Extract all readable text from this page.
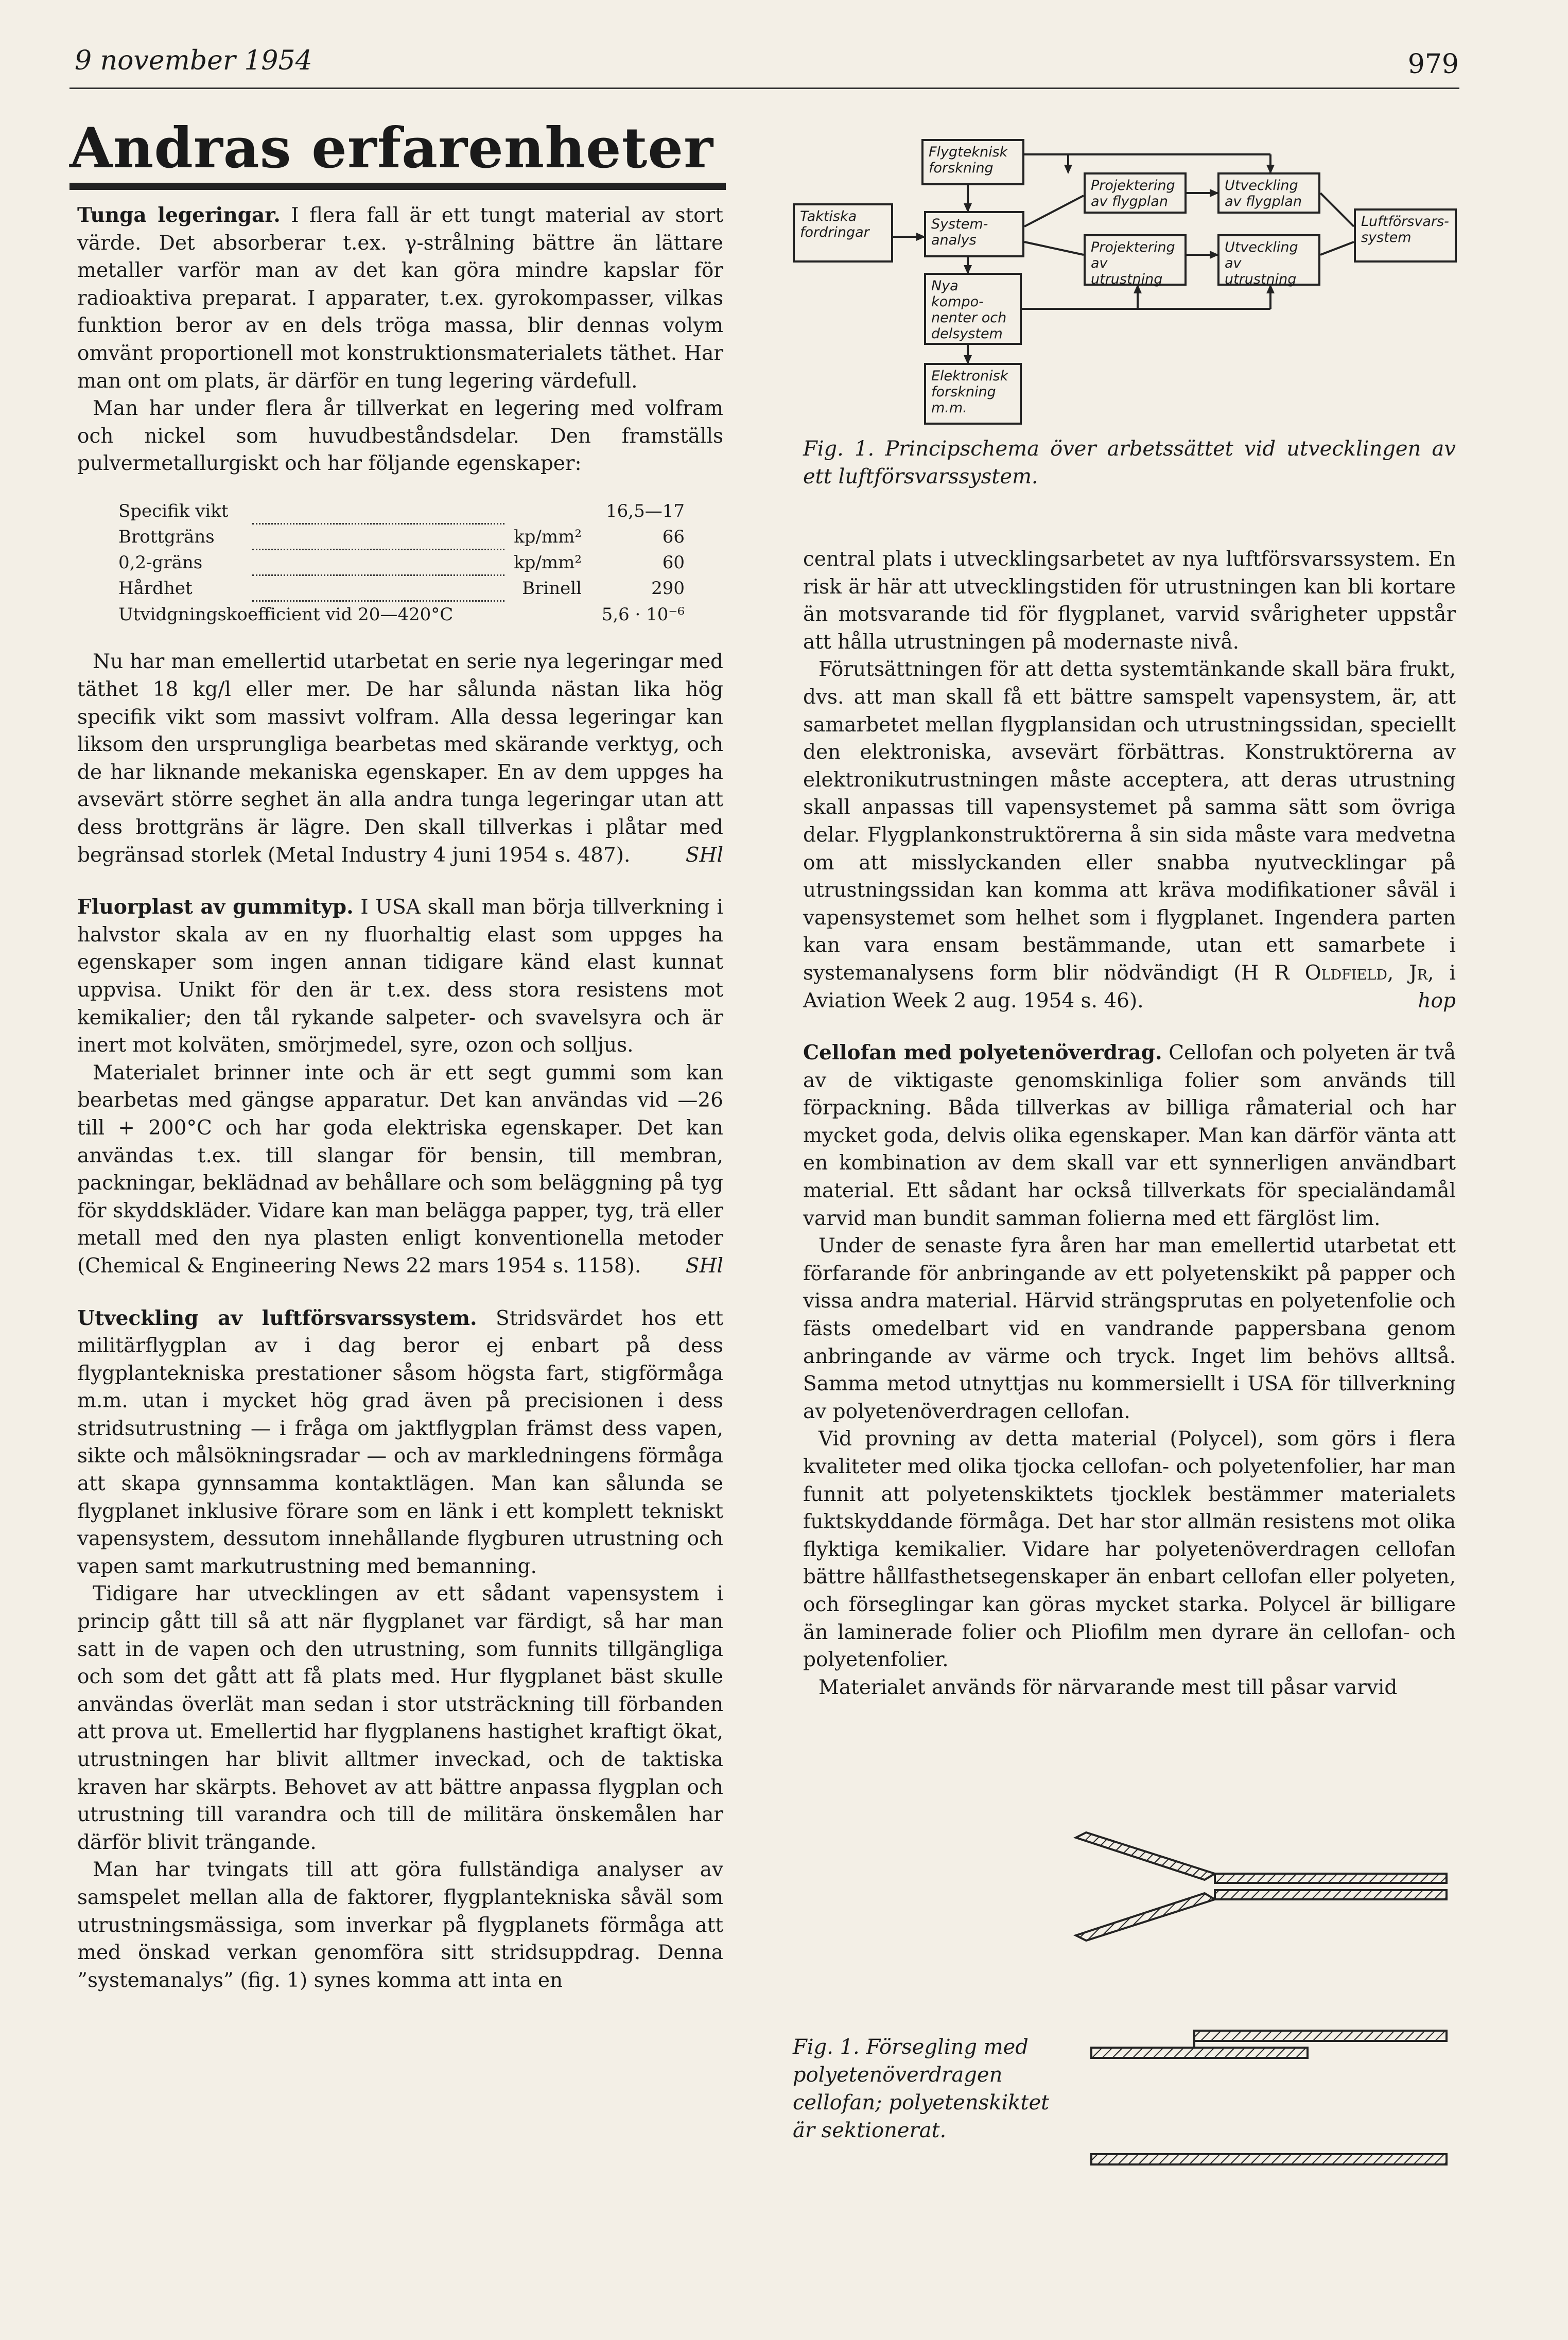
9 november 1954	979
Andras erfarenheter

Tunga legeringar. I flera fall är ett tungt material av stort värde. Det absorberar t.ex. γ-strålning bättre än lättare metaller varför man av det kan göra mindre kapslar för radioaktiva preparat. I apparater, t.ex. gyrokompasser, vilkas funktion beror av en dels tröga massa, blir dennas volym omvänt proportionell mot konstruktionsmaterialets täthet. Har man ont om plats, är därför en tung legering värdefull.

Man har under flera år tillverkat en legering med volfram och nickel som huvudbeståndsdelar. Den framställs pulvermetallurgiskt och har följande egenskaper:

Specifik vikt			16,5—17
Brottgräns		kp/mm²	66
0,2-gräns		kp/mm²	60
Hårdhet		Brinell	290
Utvidgningskoefficient vid 20—420°C			5,6 · 10⁻⁶

Nu har man emellertid utarbetat en serie nya legeringar med täthet 18 kg/l eller mer. De har sålunda nästan lika hög specifik vikt som massivt volfram. Alla dessa legeringar kan liksom den ursprungliga bearbetas med skärande verktyg, och de har liknande mekaniska egenskaper. En av dem uppges ha avsevärt större seghet än alla andra tunga legeringar utan att dess brottgräns är lägre. Den skall tillverkas i plåtar med begränsad storlek (Metal Industry 4 juni 1954 s. 487).	SHl

Fluorplast av gummityp. I USA skall man börja tillverkning i halvstor skala av en ny fluorhaltig elast som uppges ha egenskaper som ingen annan tidigare känd elast kunnat uppvisa. Unikt för den är t.ex. dess stora resistens mot kemikalier; den tål rykande salpeter- och svavelsyra och är inert mot kolväten, smörjmedel, syre, ozon och solljus.

Materialet brinner inte och är ett segt gummi som kan bearbetas med gängse apparatur. Det kan användas vid —26 till + 200°C och har goda elektriska egenskaper. Det kan användas t.ex. till slangar för bensin, till membran, packningar, beklädnad av behållare och som beläggning på tyg för skyddskläder. Vidare kan man belägga papper, tyg, trä eller metall med den nya plasten enligt konventionella metoder (Chemical & Engineering News 22 mars 1954 s. 1158).	SHl

Utveckling av luftförsvarssystem. Stridsvärdet hos ett militärflygplan av i dag beror ej enbart på dess flygplantekniska prestationer såsom högsta fart, stigförmåga m.m. utan i mycket hög grad även på precisionen i dess stridsutrustning — i fråga om jaktflygplan främst dess vapen, sikte och målsökningsradar — och av markledningens förmåga att skapa gynnsamma kontaktlägen. Man kan sålunda se flygplanet inklusive förare som en länk i ett komplett tekniskt vapensystem, dessutom innehållande flygburen utrustning och vapen samt markutrustning med bemanning.

Tidigare har utvecklingen av ett sådant vapensystem i princip gått till så att när flygplanet var färdigt, så har man satt in de vapen och den utrustning, som funnits tillgängliga och som det gått att få plats med. Hur flygplanet bäst skulle användas överlät man sedan i stor utsträckning till förbanden att prova ut. Emellertid har flygplanens hastighet kraftigt ökat, utrustningen har blivit alltmer inveckad, och de taktiska kraven har skärpts. Behovet av att bättre anpassa flygplan och utrustning till varandra och till de militära önskemålen har därför blivit trängande.

Man har tvingats till att göra fullständiga analyser av samspelet mellan alla de faktorer, flygplantekniska såväl som utrustningsmässiga, som inverkar på flygplanets förmåga att med önskad verkan genomföra sitt stridsuppdrag. Denna ”systemanalys” (fig. 1) synes komma att inta en

Taktiska fordringar
Flygteknisk forskning
System-analys
Nya kompo-nenter och delsystem
Elektronisk forskning m.m.
Projektering av flygplan
Projektering av utrustning
Utveckling av flygplan
Utveckling av utrustning
Luftförsvars-system
Fig. 1. Principschema över arbetssättet vid utvecklingen av ett luftförsvarssystem.

central plats i utvecklingsarbetet av nya luftförsvarssystem. En risk är här att utvecklingstiden för utrustningen kan bli kortare än motsvarande tid för flygplanet, varvid svårigheter uppstår att hålla utrustningen på modernaste nivå.

Förutsättningen för att detta systemtänkande skall bära frukt, dvs. att man skall få ett bättre samspelt vapensystem, är, att samarbetet mellan flygplansidan och utrustningssidan, speciellt den elektroniska, avsevärt förbättras. Konstruktörerna av elektronikutrustningen måste acceptera, att deras utrustning skall anpassas till vapensystemet på samma sätt som övriga delar. Flygplankonstruktörerna å sin sida måste vara medvetna om att misslyckanden eller snabba nyutvecklingar på utrustningssidan kan komma att kräva modifikationer såväl i vapensystemet som helhet som i flygplanet. Ingendera parten kan vara ensam bestämmande, utan ett samarbete i systemanalysens form blir nödvändigt (H R Oldfield, Jr, i Aviation Week 2 aug. 1954 s. 46).	hop

Cellofan med polyetenöverdrag. Cellofan och polyeten är två av de viktigaste genomskinliga folier som används till förpackning. Båda tillverkas av billiga råmaterial och har mycket goda, delvis olika egenskaper. Man kan därför vänta att en kombination av dem skall var ett synnerligen användbart material. Ett sådant har också tillverkats för specialändamål varvid man bundit samman folierna med ett färglöst lim.

Under de senaste fyra åren har man emellertid utarbetat ett förfarande för anbringande av ett polyetenskikt på papper och vissa andra material. Härvid strängsprutas en polyetenfolie och fästs omedelbart vid en vandrande pappersbana genom anbringande av värme och tryck. Inget lim behövs alltså. Samma metod utnyttjas nu kommersiellt i USA för tillverkning av polyetenöverdragen cellofan.

Vid provning av detta material (Polycel), som görs i flera kvaliteter med olika tjocka cellofan- och polyetenfolier, har man funnit att polyetenskiktets tjocklek bestämmer materialets fuktskyddande förmåga. Det har stor allmän resistens mot olika flyktiga kemikalier. Vidare har polyetenöverdragen cellofan bättre hållfasthetsegenskaper än enbart cellofan eller polyeten, och förseglingar kan göras mycket starka. Polycel är billigare än laminerade folier och Pliofilm men dyrare än cellofan- och polyetenfolier.

Materialet används för närvarande mest till påsar varvid

Fig. 1. Försegling med polyetenöverdragen cellofan; polyetenskiktet är sektionerat.
